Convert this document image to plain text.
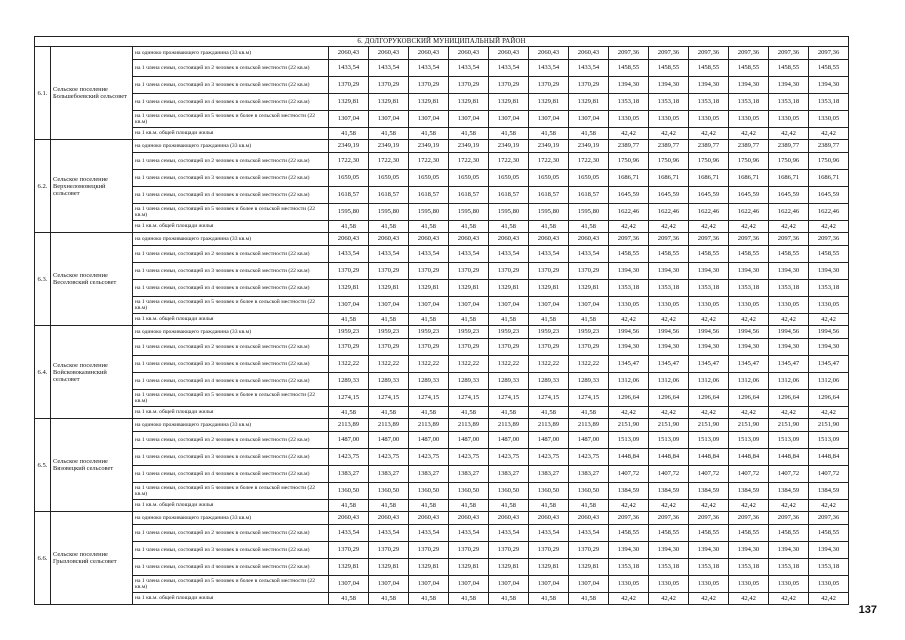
6. ДОЛГОРУКОВСКИЙ МУНИЦИПАЛЬНЫЙ РАЙОН															
6.1.	Сельское поселение Большебоевский сельсовет	на одиноко проживающего гражданина (33 кв.м)	2060,43	2060,43	2060,43	2060,43	2060,43	2060,43	2060,43	2097,36	2097,36	2097,36	2097,36	2097,36	2097,36
		на 1 члена семьи, состоящей из 2 человек в сельской местности (22 кв.м)	1433,54	1433,54	1433,54	1433,54	1433,54	1433,54	1433,54	1458,55	1458,55	1458,55	1458,55	1458,55	1458,55
		на 1 члена семьи, состоящей из 3 человек в сельской местности (22 кв.м)	1370,29	1370,29	1370,29	1370,29	1370,29	1370,29	1370,29	1394,30	1394,30	1394,30	1394,30	1394,30	1394,30
		на 1 члена семьи, состоящей из 4 человек в сельской местности (22 кв.м)	1329,81	1329,81	1329,81	1329,81	1329,81	1329,81	1329,81	1353,18	1353,18	1353,18	1353,18	1353,18	1353,18
		на 1 члена семьи, состоящей из 5 человек и более в сельской местности (22 кв.м)	1307,04	1307,04	1307,04	1307,04	1307,04	1307,04	1307,04	1330,05	1330,05	1330,05	1330,05	1330,05	1330,05
		на 1 кв.м. общей площади жилья	41,58	41,58	41,58	41,58	41,58	41,58	41,58	42,42	42,42	42,42	42,42	42,42	42,42
6.2.	Сельское поселение Верхнеломовецкий сельсовет	на одиноко проживающего гражданина (33 кв.м)	2349,19	2349,19	2349,19	2349,19	2349,19	2349,19	2349,19	2389,77	2389,77	2389,77	2389,77	2389,77	2389,77
		на 1 члена семьи, состоящей из 2 человек в сельской местности (22 кв.м)	1722,30	1722,30	1722,30	1722,30	1722,30	1722,30	1722,30	1750,96	1750,96	1750,96	1750,96	1750,96	1750,96
		на 1 члена семьи, состоящей из 3 человек в сельской местности (22 кв.м)	1659,05	1659,05	1659,05	1659,05	1659,05	1659,05	1659,05	1686,71	1686,71	1686,71	1686,71	1686,71	1686,71
		на 1 члена семьи, состоящей из 4 человек в сельской местности (22 кв.м)	1618,57	1618,57	1618,57	1618,57	1618,57	1618,57	1618,57	1645,59	1645,59	1645,59	1645,59	1645,59	1645,59
		на 1 члена семьи, состоящей из 5 человек и более в сельской местности (22 кв.м)	1595,80	1595,80	1595,80	1595,80	1595,80	1595,80	1595,80	1622,46	1622,46	1622,46	1622,46	1622,46	1622,46
		на 1 кв.м. общей площади жилья	41,58	41,58	41,58	41,58	41,58	41,58	41,58	42,42	42,42	42,42	42,42	42,42	42,42
6.3.	Сельское поселение Веселовский сельсовет	на одиноко проживающего гражданина (33 кв.м)	2060,43	2060,43	2060,43	2060,43	2060,43	2060,43	2060,43	2097,36	2097,36	2097,36	2097,36	2097,36	2097,36
		на 1 члена семьи, состоящей из 2 человек в сельской местности (22 кв.м)	1433,54	1433,54	1433,54	1433,54	1433,54	1433,54	1433,54	1458,55	1458,55	1458,55	1458,55	1458,55	1458,55
		на 1 члена семьи, состоящей из 3 человек в сельской местности (22 кв.м)	1370,29	1370,29	1370,29	1370,29	1370,29	1370,29	1370,29	1394,30	1394,30	1394,30	1394,30	1394,30	1394,30
		на 1 члена семьи, состоящей из 4 человек в сельской местности (22 кв.м)	1329,81	1329,81	1329,81	1329,81	1329,81	1329,81	1329,81	1353,18	1353,18	1353,18	1353,18	1353,18	1353,18
		на 1 члена семьи, состоящей из 5 человек и более в сельской местности (22 кв.м)	1307,04	1307,04	1307,04	1307,04	1307,04	1307,04	1307,04	1330,05	1330,05	1330,05	1330,05	1330,05	1330,05
		на 1 кв.м. общей площади жилья	41,58	41,58	41,58	41,58	41,58	41,58	41,58	42,42	42,42	42,42	42,42	42,42	42,42
6.4.	Сельское поселение Войсковоказинский сельсовет	на одиноко проживающего гражданина (33 кв.м)	1959,23	1959,23	1959,23	1959,23	1959,23	1959,23	1959,23	1994,56	1994,56	1994,56	1994,56	1994,56	1994,56
		на 1 члена семьи, состоящей из 2 человек в сельской местности (22 кв.м)	1370,29	1370,29	1370,29	1370,29	1370,29	1370,29	1370,29	1394,30	1394,30	1394,30	1394,30	1394,30	1394,30
		на 1 члена семьи, состоящей из 3 человек в сельской местности (22 кв.м)	1322,22	1322,22	1322,22	1322,22	1322,22	1322,22	1322,22	1345,47	1345,47	1345,47	1345,47	1345,47	1345,47
		на 1 члена семьи, состоящей из 4 человек в сельской местности (22 кв.м)	1289,33	1289,33	1289,33	1289,33	1289,33	1289,33	1289,33	1312,06	1312,06	1312,06	1312,06	1312,06	1312,06
		на 1 члена семьи, состоящей из 5 человек и более в сельской местности (22 кв.м)	1274,15	1274,15	1274,15	1274,15	1274,15	1274,15	1274,15	1296,64	1296,64	1296,64	1296,64	1296,64	1296,64
		на 1 кв.м. общей площади жилья	41,58	41,58	41,58	41,58	41,58	41,58	41,58	42,42	42,42	42,42	42,42	42,42	42,42
6.5.	Сельское поселение Вязовецкий сельсовет	на одиноко проживающего гражданина (33 кв.м)	2113,89	2113,89	2113,89	2113,89	2113,89	2113,89	2113,89	2151,90	2151,90	2151,90	2151,90	2151,90	2151,90
		на 1 члена семьи, состоящей из 2 человек в сельской местности (22 кв.м)	1487,00	1487,00	1487,00	1487,00	1487,00	1487,00	1487,00	1513,09	1513,09	1513,09	1513,09	1513,09	1513,09
		на 1 члена семьи, состоящей из 3 человек в сельской местности (22 кв.м)	1423,75	1423,75	1423,75	1423,75	1423,75	1423,75	1423,75	1448,84	1448,84	1448,84	1448,84	1448,84	1448,84
		на 1 члена семьи, состоящей из 4 человек в сельской местности (22 кв.м)	1383,27	1383,27	1383,27	1383,27	1383,27	1383,27	1383,27	1407,72	1407,72	1407,72	1407,72	1407,72	1407,72
		на 1 члена семьи, состоящей из 5 человек и более в сельской местности (22 кв.м)	1360,50	1360,50	1360,50	1360,50	1360,50	1360,50	1360,50	1384,59	1384,59	1384,59	1384,59	1384,59	1384,59
		на 1 кв.м. общей площади жилья	41,58	41,58	41,58	41,58	41,58	41,58	41,58	42,42	42,42	42,42	42,42	42,42	42,42
6.6.	Сельское поселение Грызловский сельсовет	на одиноко проживающего гражданина (33 кв.м)	2060,43	2060,43	2060,43	2060,43	2060,43	2060,43	2060,43	2097,36	2097,36	2097,36	2097,36	2097,36	2097,36
		на 1 члена семьи, состоящей из 2 человек в сельской местности (22 кв.м)	1433,54	1433,54	1433,54	1433,54	1433,54	1433,54	1433,54	1458,55	1458,55	1458,55	1458,55	1458,55	1458,55
		на 1 члена семьи, состоящей из 3 человек в сельской местности (22 кв.м)	1370,29	1370,29	1370,29	1370,29	1370,29	1370,29	1370,29	1394,30	1394,30	1394,30	1394,30	1394,30	1394,30
		на 1 члена семьи, состоящей из 4 человек в сельской местности (22 кв.м)	1329,81	1329,81	1329,81	1329,81	1329,81	1329,81	1329,81	1353,18	1353,18	1353,18	1353,18	1353,18	1353,18
		на 1 члена семьи, состоящей из 5 человек и более в сельской местности (22 кв.м)	1307,04	1307,04	1307,04	1307,04	1307,04	1307,04	1307,04	1330,05	1330,05	1330,05	1330,05	1330,05	1330,05
		на 1 кв.м. общей площади жилья	41,58	41,58	41,58	41,58	41,58	41,58	41,58	42,42	42,42	42,42	42,42	42,42	42,42
137
